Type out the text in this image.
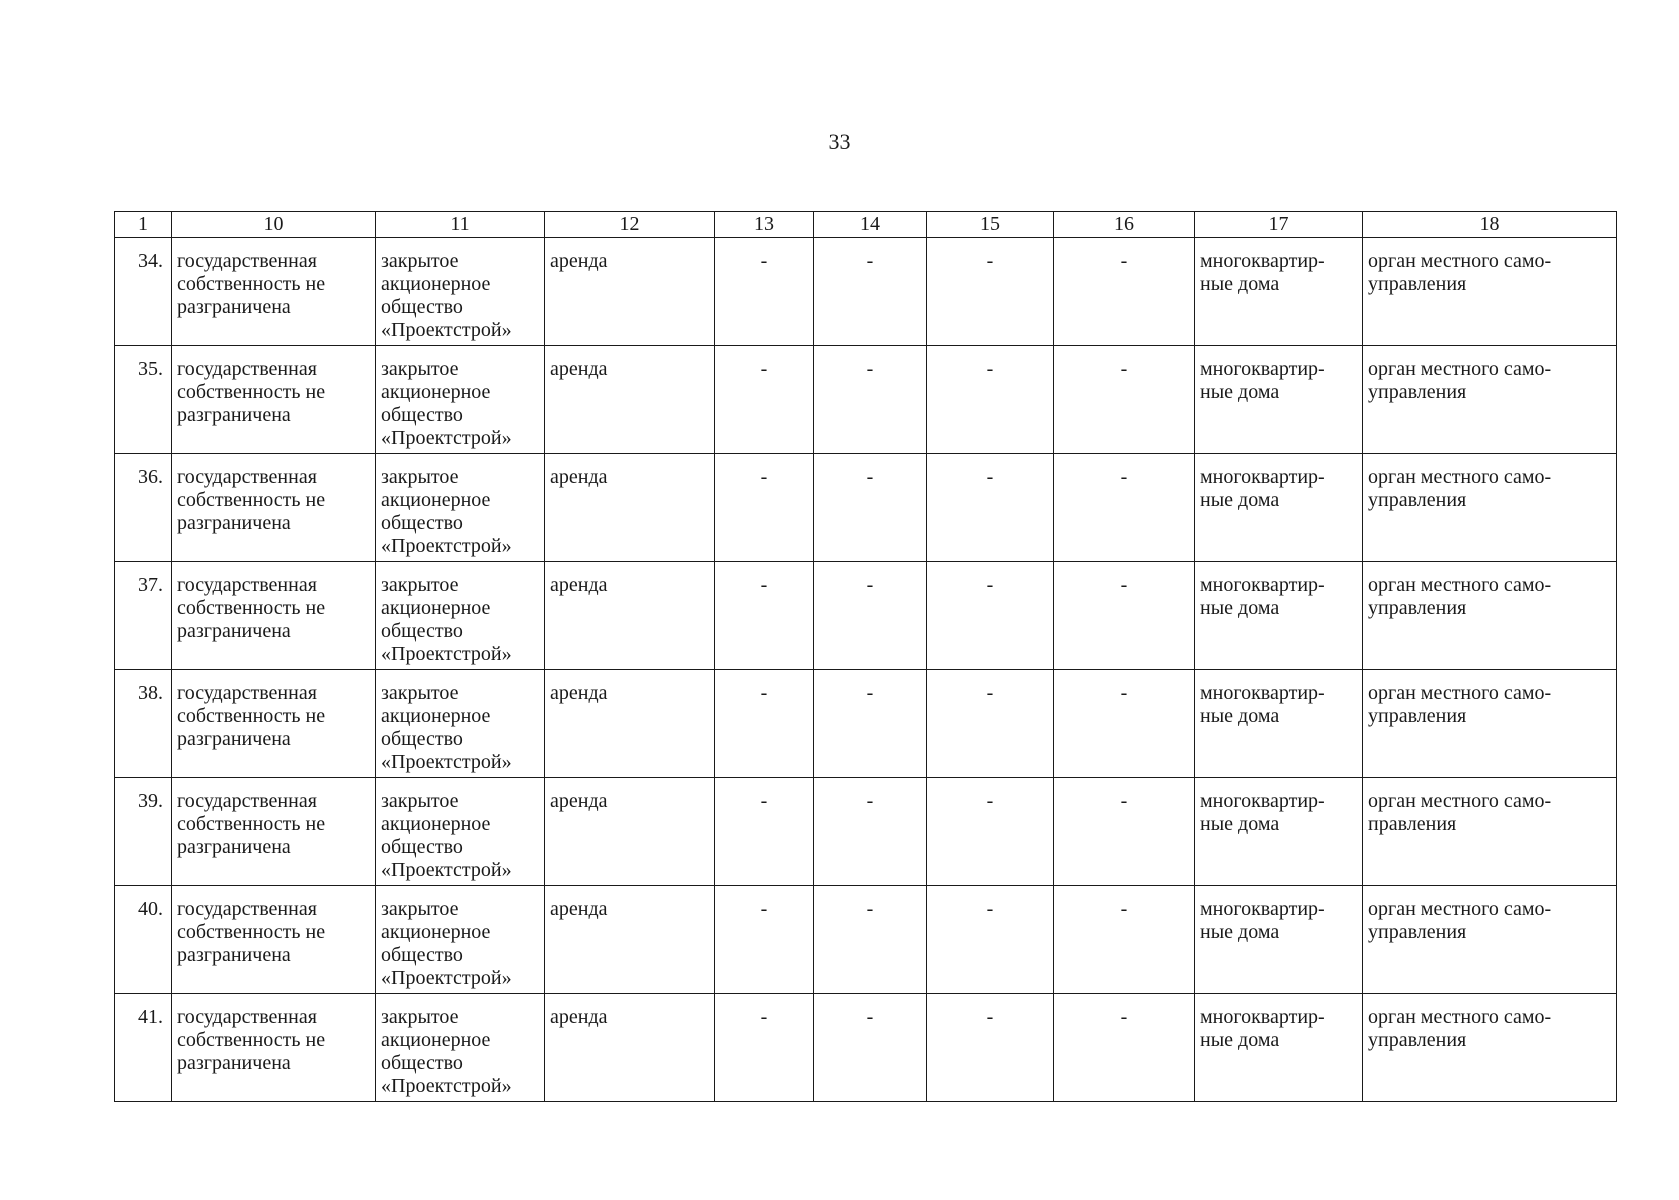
33
1	10	11	12	13	14	15	16	17	18
34.	государственная
собственность не
разграничена	закрытое
акционерное
общество
«Проектстрой»	аренда	-	-	-	-	многоквартир-
ные дома	орган местного само-
управления

35.	государственная
собственность не
разграничена	закрытое
акционерное
общество
«Проектстрой»	аренда	-	-	-	-	многоквартир-
ные дома	орган местного само-
управления

36.	государственная
собственность не
разграничена	закрытое
акционерное
общество
«Проектстрой»	аренда	-	-	-	-	многоквартир-
ные дома	орган местного само-
управления

37.	государственная
собственность не
разграничена	закрытое
акционерное
общество
«Проектстрой»	аренда	-	-	-	-	многоквартир-
ные дома	орган местного само-
управления

38.	государственная
собственность не
разграничена	закрытое
акционерное
общество
«Проектстрой»	аренда	-	-	-	-	многоквартир-
ные дома	орган местного само-
управления

39.	государственная
собственность не
разграничена	закрытое
акционерное
общество
«Проектстрой»	аренда	-	-	-	-	многоквартир-
ные дома	орган местного само-
правления

40.	государственная
собственность не
разграничена	закрытое
акционерное
общество
«Проектстрой»	аренда	-	-	-	-	многоквартир-
ные дома	орган местного само-
управления

41.	государственная
собственность не
разграничена	закрытое
акционерное
общество
«Проектстрой»	аренда	-	-	-	-	многоквартир-
ные дома	орган местного само-
управления
